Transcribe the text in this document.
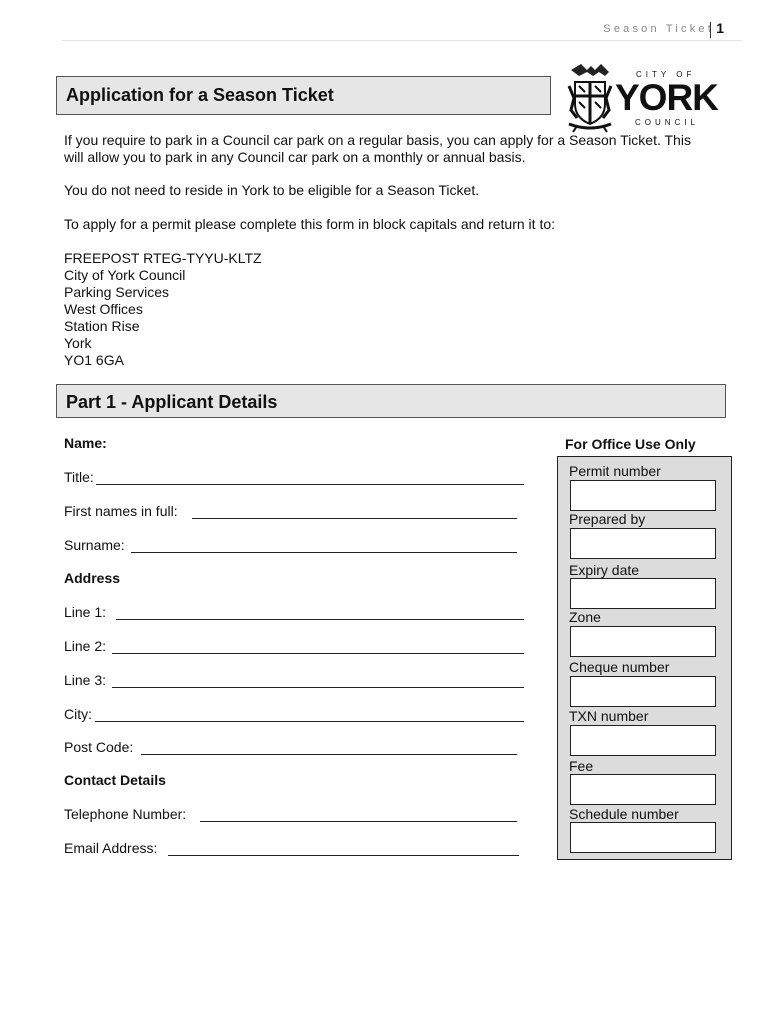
Season Ticket 1
Application for a Season Ticket
CITY OF
YORK
COUNCIL
If you require to park in a Council car park on a regular basis, you can apply for a Season Ticket. This will allow you to park in any Council car park on a monthly or annual basis.
You do not need to reside in York to be eligible for a Season Ticket.
To apply for a permit please complete this form in block capitals and return it to:
FREEPOST RTEG-TYYU-KLTZ
City of York Council
Parking Services
West Offices
Station Rise
York
YO1 6GA
Part 1 - Applicant Details
Name:
Title:
First names in full:
Surname:
Address
Line 1:
Line 2:
Line 3:
City:
Post Code:
Contact Details
Telephone Number:
Email Address:
For Office Use Only
Permit number
Prepared by
Expiry date
Zone
Cheque number
TXN number
Fee
Schedule number
